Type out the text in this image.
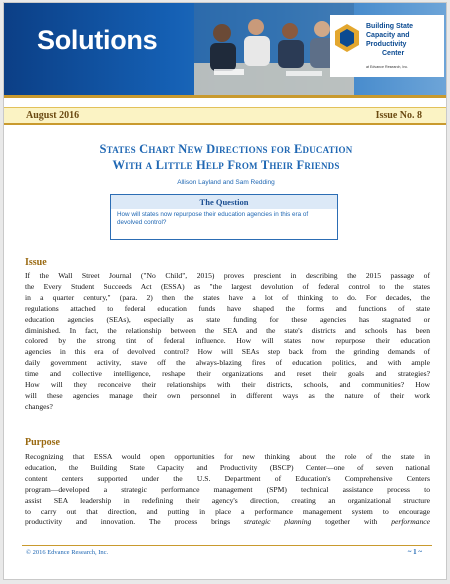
Solutions	Building State
Capacity and
Productivity
Center
at Edvance Research, Inc.
August 2016	Issue No. 8
States Chart New Directions for Education
With a Little Help From Their Friends
Allison Layland and Sam Redding
The Question
How will states now repurpose their education agencies in this era of
devolved control?
Issue
If the Wall Street Journal ("No Child", 2015) proves prescient in describing the 2015 passage of
the Every Student Succeeds Act (ESSA) as "the largest devolution of federal control to the states
in a quarter century," (para. 2) then the states have a lot of thinking to do. For decades, the
regulations attached to federal education funds have shaped the forms and functions of state
education agencies (SEAs), especially as state funding for these agencies has stagnated or
diminished. In fact, the relationship between the SEA and the state's districts and schools has been
colored by the strong tint of federal influence. How will states now repurpose their education
agencies in this era of devolved control? How will SEAs step back from the grinding demands of
daily government activity, stave off the always-blazing fires of education politics, and with ample
time and collective intelligence, reshape their organizations and reset their goals and strategies?
How will they reconceive their relationships with their districts, schools, and communities? How
will these agencies manage their own personnel in different ways as the nature of their work
changes?
Purpose
Recognizing that ESSA would open opportunities for new thinking about the role of the state in
education, the Building State Capacity and Productivity (BSCP) Center—one of seven national
content centers supported under the U.S. Department of Education's Comprehensive Centers
program—developed a strategic performance management (SPM) technical assistance process to
assist SEA leadership in redefining their agency's direction, creating an organizational structure
to carry out that direction, and putting in place a performance management system to encourage
productivity and innovation. The process brings strategic planning together with performance
© 2016 Edvance Research, Inc.	~ 1 ~
